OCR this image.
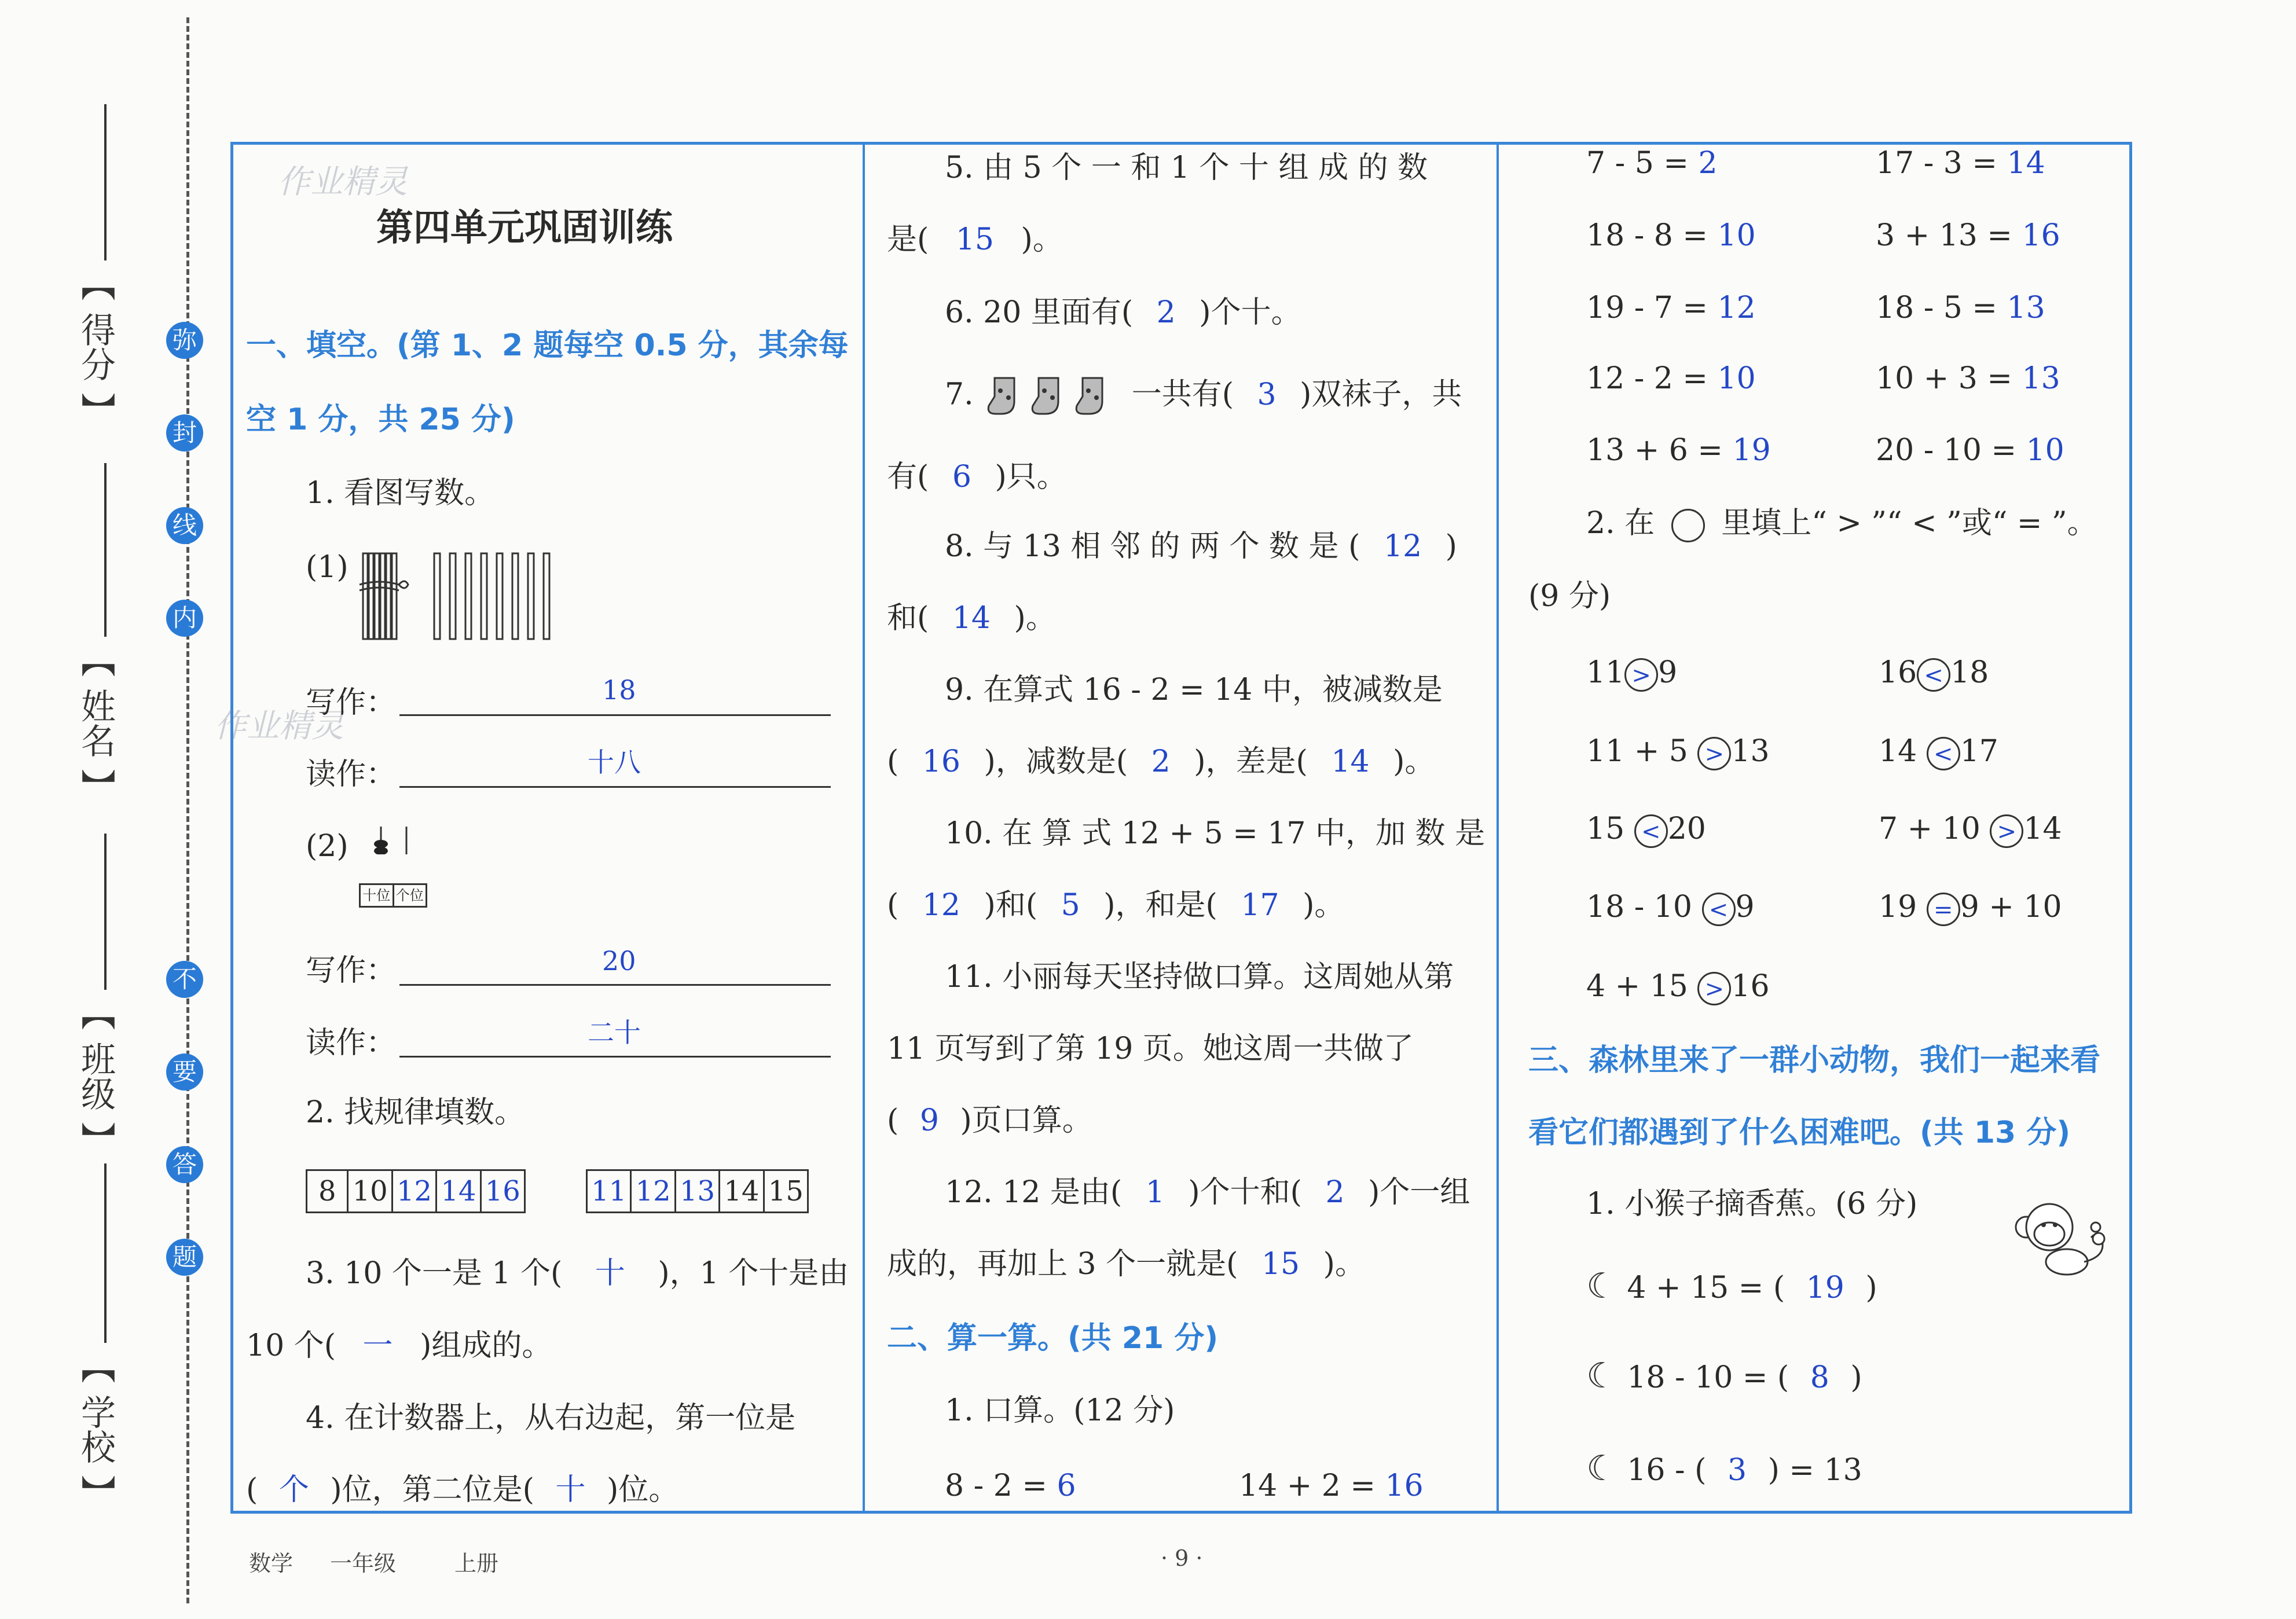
【 得分 】
【 姓名 】
【 班级 】
【 学校 】
弥
封
线
内
不
要
答
题
作业精灵
作业精灵
第四单元巩固训练
一、填空。(第 1、2 题每空 0.5 分，其余每
空 1 分，共 25 分)
1. 看图写数。
(1)
写作：	18
读作：	十八
(2)
十位 个位
写作：	20
读作：	二十
2. 找规律填数。
8 10 12 14 16	11 12 13 14 15
3. 10 个一是 1 个( 十 )，1 个十是由
10 个( 一 )组成的。
4. 在计数器上，从右边起，第一位是
( 个 )位，第二位是( 十 )位。
5. 由 5 个 一 和 1 个 十 组 成 的 数
是( 15 )。
6. 20 里面有( 2 )个十。
7.	一共有( 3 )双袜子，共
有( 6 )只。
8. 与 13 相 邻 的 两 个 数 是 ( 12 )
和( 14 )。
9. 在算式 16 - 2 = 14 中，被减数是
( 16 )，减数是( 2 )，差是( 14 )。
10. 在 算 式 12 + 5 = 17 中，加 数 是
( 12 )和( 5 )，和是( 17 )。
11. 小丽每天坚持做口算。这周她从第
11 页写到了第 19 页。她这周一共做了
( 9 )页口算。
12. 12 是由( 1 )个十和( 2 )个一组
成的，再加上 3 个一就是( 15 )。
二、算一算。(共 21 分)
1. 口算。(12 分)
8 - 2 = 6	14 + 2 = 16
7 - 5 = 2	17 - 3 = 14
18 - 8 = 10	3 + 13 = 16
19 - 7 = 12	18 - 5 = 13
12 - 2 = 10	10 + 3 = 13
13 + 6 = 19	20 - 10 = 10
2. 在 里填上“ > ”“ < ”或“ = ”。
(9 分)
11 > 9	16 < 18
11 + 5 > 13	14 < 17
15 < 20	7 + 10 > 14
18 - 10 < 9	19 = 9 + 10
4 + 15 > 16
三、森林里来了一群小动物，我们一起来看
看它们都遇到了什么困难吧。(共 13 分)
1. 小猴子摘香蕉。(6 分)
☾ 4 + 15 = ( 19 )
☾ 18 - 10 = ( 8 )
☾ 16 - ( 3 ) = 13
数学 一年级	上册	· 9 ·
